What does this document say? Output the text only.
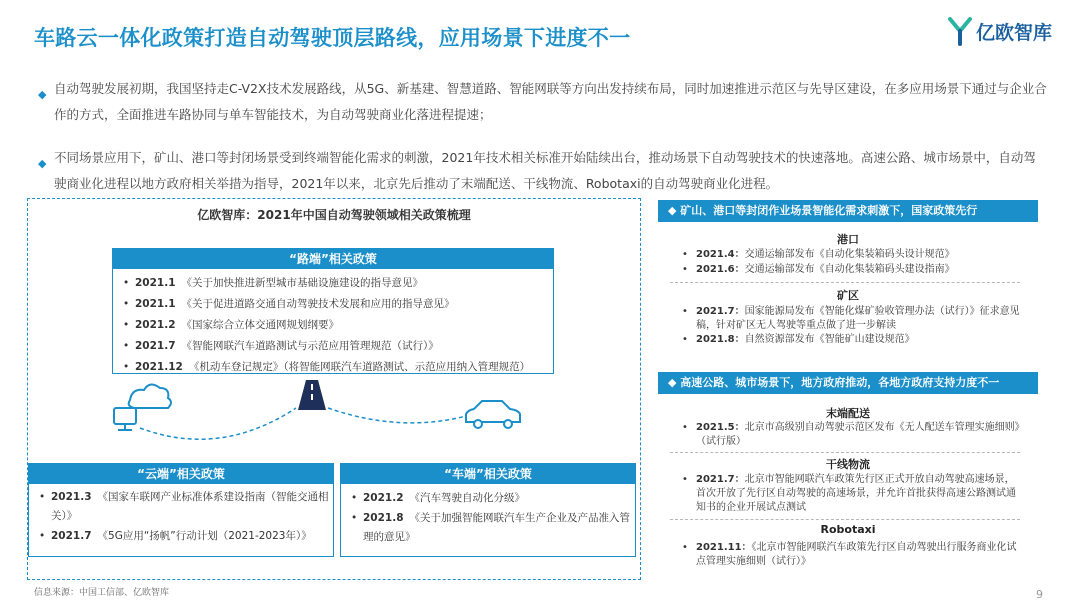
车路云一体化政策打造自动驾驶顶层路线，应用场景下进度不一	亿欧智库
◆ 自动驾驶发展初期，我国坚持走C-V2X技术发展路线，从5G、新基建、智慧道路、智能网联等方向出发持续布局，同时加速推进示范区与先导区建设，在多应用场景下通过与企业合作的方式，全面推进车路协同与单车智能技术，为自动驾驶商业化落进程提速；
◆ 不同场景应用下，矿山、港口等封闭场景受到终端智能化需求的刺激，2021年技术相关标准开始陆续出台，推动场景下自动驾驶技术的快速落地。高速公路、城市场景中，自动驾驶商业化进程以地方政府相关举措为指导，2021年以来，北京先后推动了末端配送、干线物流、Robotaxi的自动驾驶商业化进程。
亿欧智库：2021年中国自动驾驶领域相关政策梳理
“路端”相关政策
• 2021.1 《关于加快推进新型城市基础设施建设的指导意见》
• 2021.1 《关于促进道路交通自动驾驶技术发展和应用的指导意见》
• 2021.2 《国家综合立体交通网规划纲要》
• 2021.7 《智能网联汽车道路测试与示范应用管理规范（试行）》
• 2021.12 《机动车登记规定》（将智能网联汽车道路测试、示范应用纳入管理规范）
“云端”相关政策
• 2021.3 《国家车联网产业标准体系建设指南（智能交通相关）》
• 2021.7 《5G应用“扬帆”行动计划（2021-2023年）》
“车端”相关政策
• 2021.2 《汽车驾驶自动化分级》
• 2021.8 《关于加强智能网联汽车生产企业及产品准入管理的意见》
◆ 矿山、港口等封闭作业场景智能化需求刺激下，国家政策先行
港口
• 2021.4：交通运输部发布《自动化集装箱码头设计规范》
• 2021.6：交通运输部发布《自动化集装箱码头建设指南》
矿区
• 2021.7：国家能源局发布《智能化煤矿验收管理办法（试行）》征求意见稿，针对矿区无人驾驶等重点做了进一步解读
• 2021.8：自然资源部发布《智能矿山建设规范》
◆ 高速公路、城市场景下，地方政府推动，各地方政府支持力度不一
末端配送
• 2021.5：北京市高级别自动驾驶示范区发布《无人配送车管理实施细则》（试行版）
干线物流
• 2021.7：北京市智能网联汽车政策先行区正式开放自动驾驶高速场景，首次开放了先行区自动驾驶的高速场景，并允许首批获得高速公路测试通知书的企业开展试点测试
Robotaxi
• 2021.11：《北京市智能网联汽车政策先行区自动驾驶出行服务商业化试点管理实施细则（试行）》
信息来源：中国工信部、亿欧智库	9
